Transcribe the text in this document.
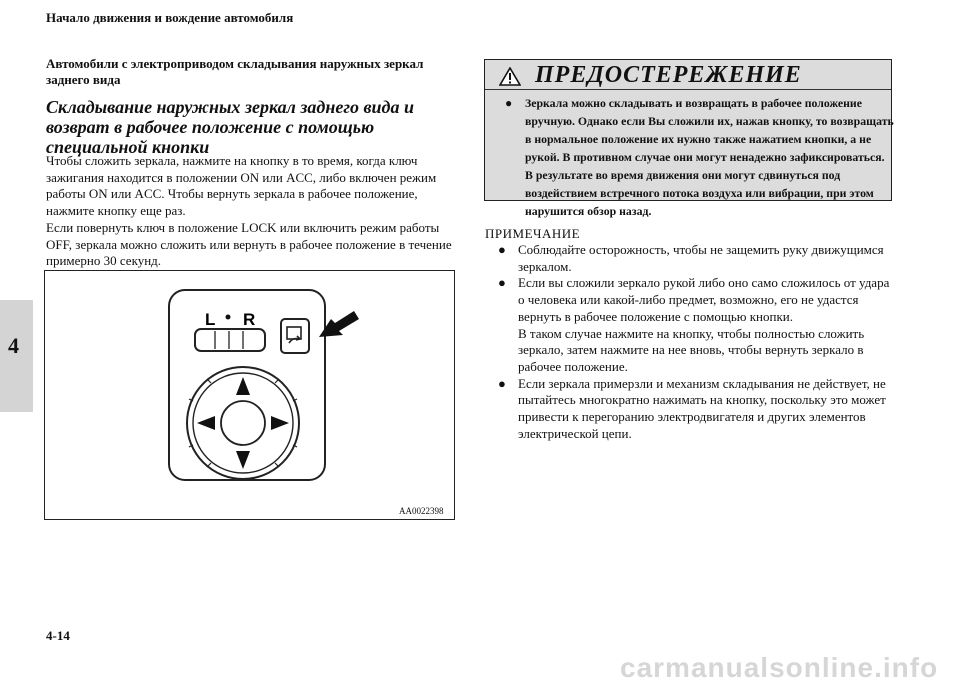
Начало движения и вождение автомобиля
Автомобили с электроприводом складывания наружных зеркал заднего вида
Складывание наружных зеркал заднего вида и возврат в рабочее положение с помощью специальной кнопки

Чтобы сложить зеркала, нажмите на кнопку в то время, когда ключ зажигания находится в положении ON или ACC, либо включен режим работы ON или ACC. Чтобы вернуть зеркала в рабочее положение, нажмите кнопку еще раз.

Если повернуть ключ в положение LOCK или включить режим работы OFF, зеркала можно сложить или вернуть в рабочее положение в течение примерно 30 секунд.

4
L R
AA0022398
ПРЕДОСТЕРЕЖЕНИЕ
● Зеркала можно складывать и возвращать в рабочее положение вручную. Однако если Вы сложили их, нажав кнопку, то возвращать в нормальное положение их нужно также нажатием кнопки, а не рукой. В противном случае они могут ненадежно зафиксироваться. В результате во время движения они могут сдвинуться под воздействием встречного потока воздуха или вибрации, при этом нарушится обзор назад.
ПРИМЕЧАНИЕ
● Соблюдайте осторожность, чтобы не защемить руку движущимся зеркалом.
● Если вы сложили зеркало рукой либо оно само сложилось от удара о человека или какой-либо предмет, возможно, его не удастся вернуть в рабочее положение с помощью кнопки.
В таком случае нажмите на кнопку, чтобы полностью сложить зеркало, затем нажмите на нее вновь, чтобы вернуть зеркало в рабочее положение.
● Если зеркала примерзли и механизм складывания не действует, не пытайтесь многократно нажимать на кнопку, поскольку это может привести к перегоранию электродвигателя и других элементов электрической цепи.
4-14
carmanualsonline.info
